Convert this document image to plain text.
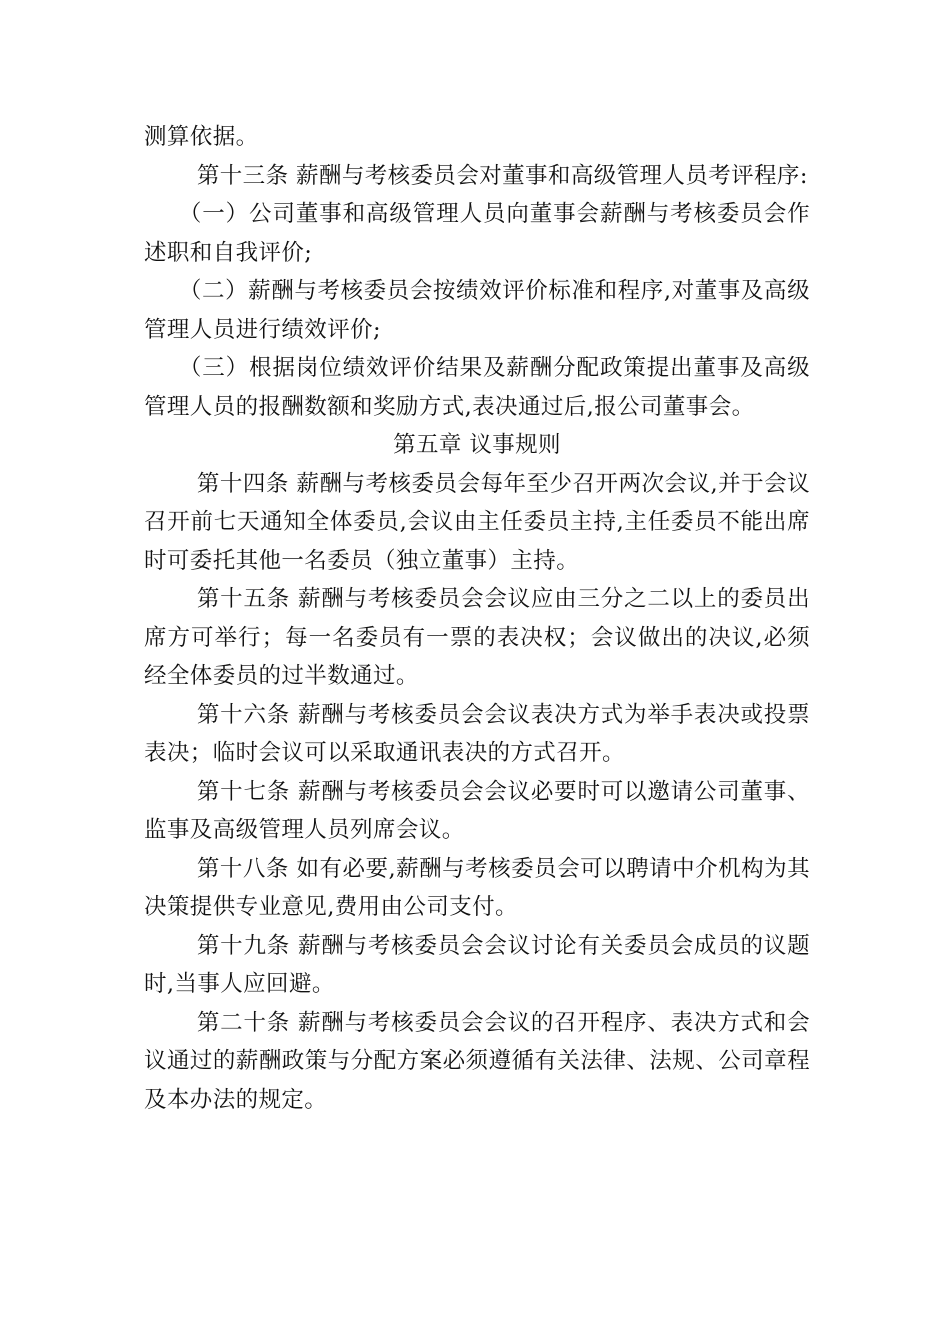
测算依据。

第十三条 薪酬与考核委员会对董事和高级管理人员考评程序:

（一）公司董事和高级管理人员向董事会薪酬与考核委员会作述职和自我评价;

（二）薪酬与考核委员会按绩效评价标准和程序,对董事及高级管理人员进行绩效评价;

（三）根据岗位绩效评价结果及薪酬分配政策提出董事及高级管理人员的报酬数额和奖励方式,表决通过后,报公司董事会。

第五章 议事规则

第十四条 薪酬与考核委员会每年至少召开两次会议,并于会议召开前七天通知全体委员,会议由主任委员主持,主任委员不能出席时可委托其他一名委员（独立董事）主持。

第十五条 薪酬与考核委员会会议应由三分之二以上的委员出席方可举行；每一名委员有一票的表决权；会议做出的决议,必须经全体委员的过半数通过。

第十六条 薪酬与考核委员会会议表决方式为举手表决或投票表决；临时会议可以采取通讯表决的方式召开。

第十七条 薪酬与考核委员会会议必要时可以邀请公司董事、监事及高级管理人员列席会议。

第十八条 如有必要,薪酬与考核委员会可以聘请中介机构为其决策提供专业意见,费用由公司支付。

第十九条 薪酬与考核委员会会议讨论有关委员会成员的议题时,当事人应回避。

第二十条 薪酬与考核委员会会议的召开程序、表决方式和会议通过的薪酬政策与分配方案必须遵循有关法律、法规、公司章程及本办法的规定。
